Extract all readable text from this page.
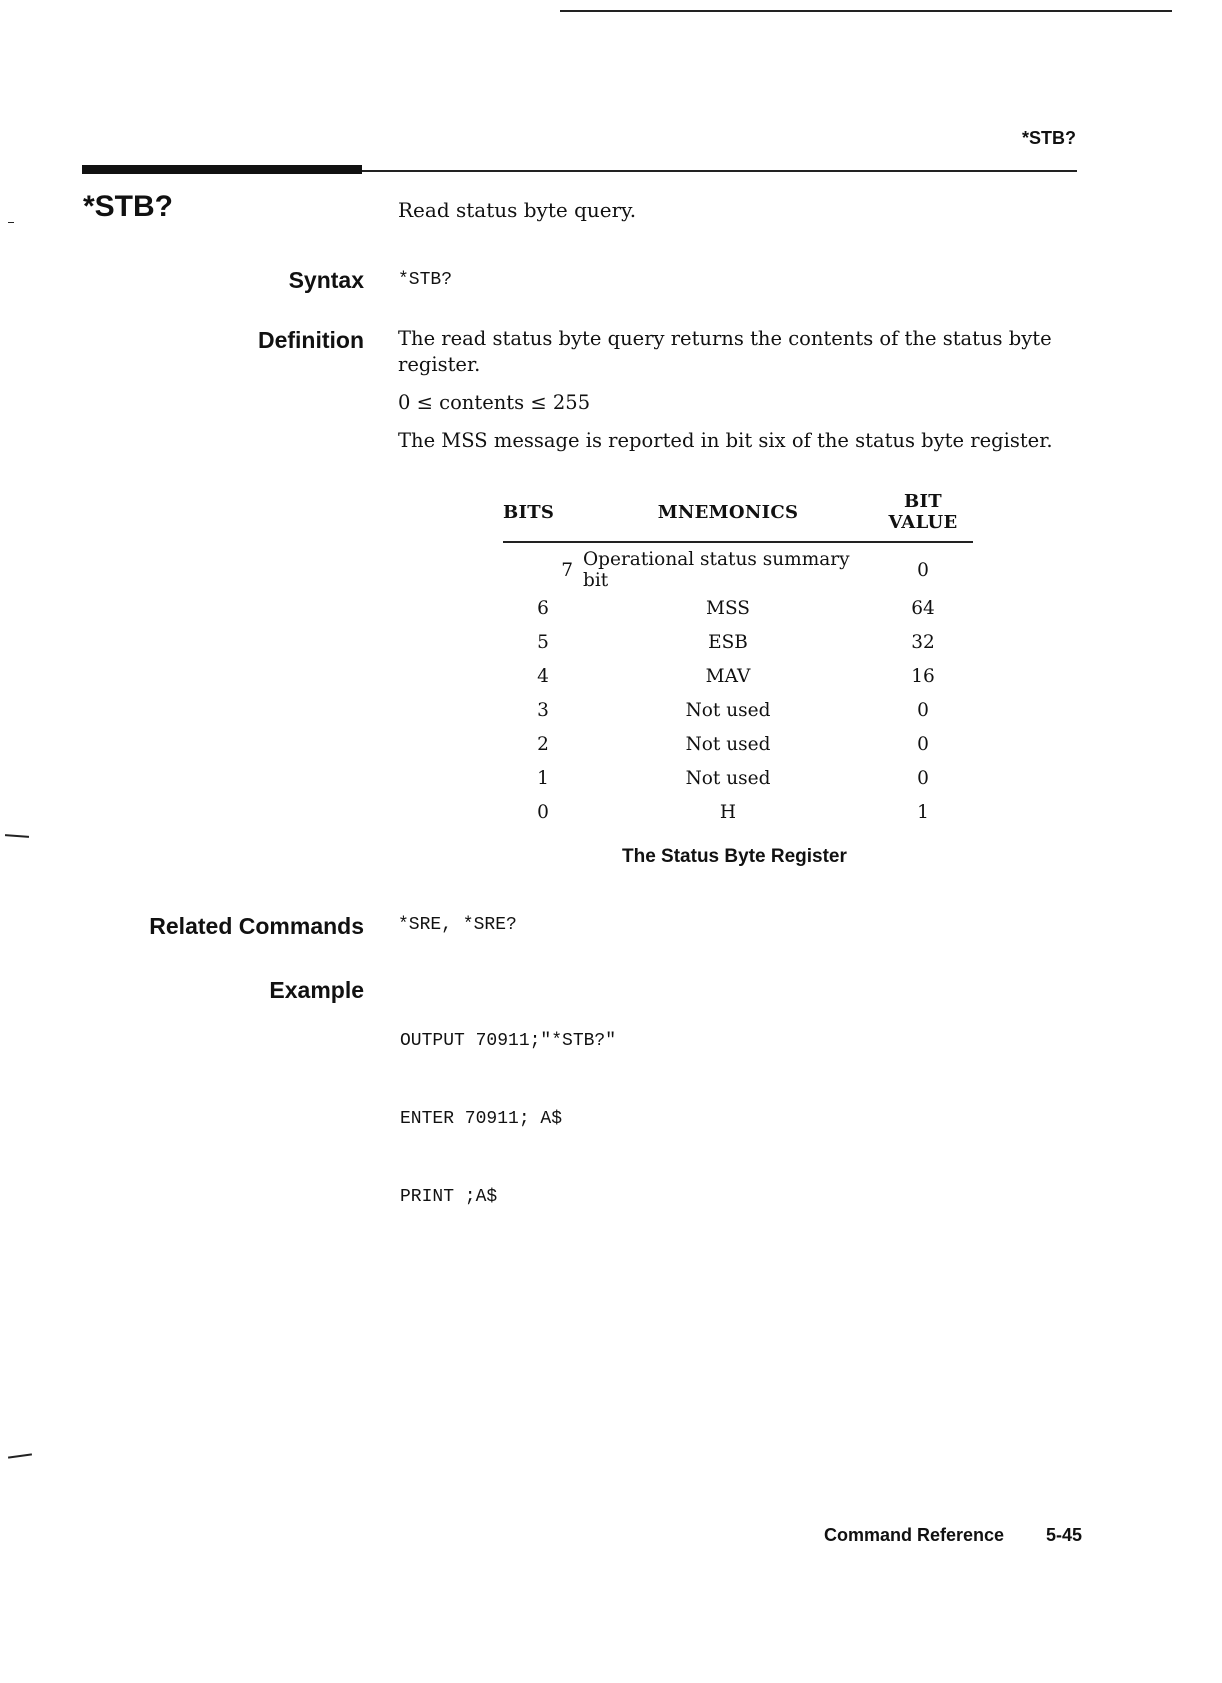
*STB?
*STB?	Read status byte query.
Syntax
Definition
Related Commands
Example
*STB?

The read status byte query returns the contents of the status byte register.

0 ≤ contents ≤ 255

The MSS message is reported in bit six of the status byte register.

BITS	MNEMONICS	BIT VALUE
7	Operational status summary bit	0
6	MSS	64
5	ESB	32
4	MAV	16
3	Not used	0
2	Not used	0
1	Not used	0
0	H	1
The Status Byte Register
*SRE, *SRE?

OUTPUT 70911;"*STB?"

ENTER 70911; A$

PRINT ;A$

Command Reference 5-45
